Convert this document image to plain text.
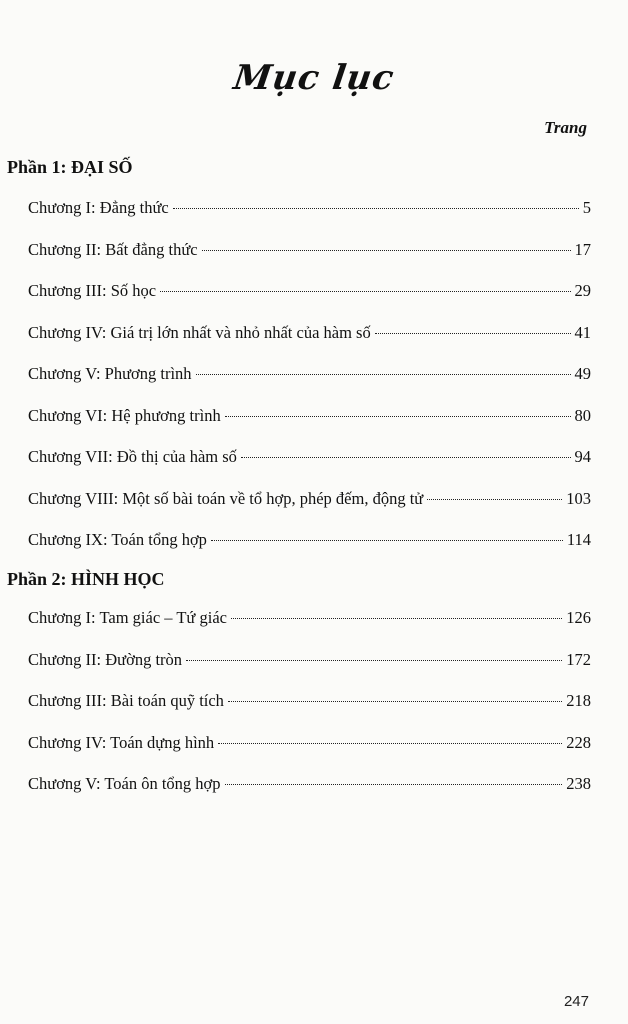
Mục lục
Trang
Phần 1: ĐẠI SỐ
Chương I: Đẳng thức	5
Chương II: Bất đẳng thức	17
Chương III: Số học	29
Chương IV: Giá trị lớn nhất và nhỏ nhất của hàm số	41
Chương V: Phương trình	49
Chương VI: Hệ phương trình	80
Chương VII: Đồ thị của hàm số	94
Chương VIII: Một số bài toán về tổ hợp, phép đếm, động tử	103
Chương IX: Toán tổng hợp	114
Phần 2: HÌNH HỌC
Chương I: Tam giác – Tứ giác	126
Chương II: Đường tròn	172
Chương III: Bài toán quỹ tích	218
Chương IV: Toán dựng hình	228
Chương V: Toán ôn tổng hợp	238
247
